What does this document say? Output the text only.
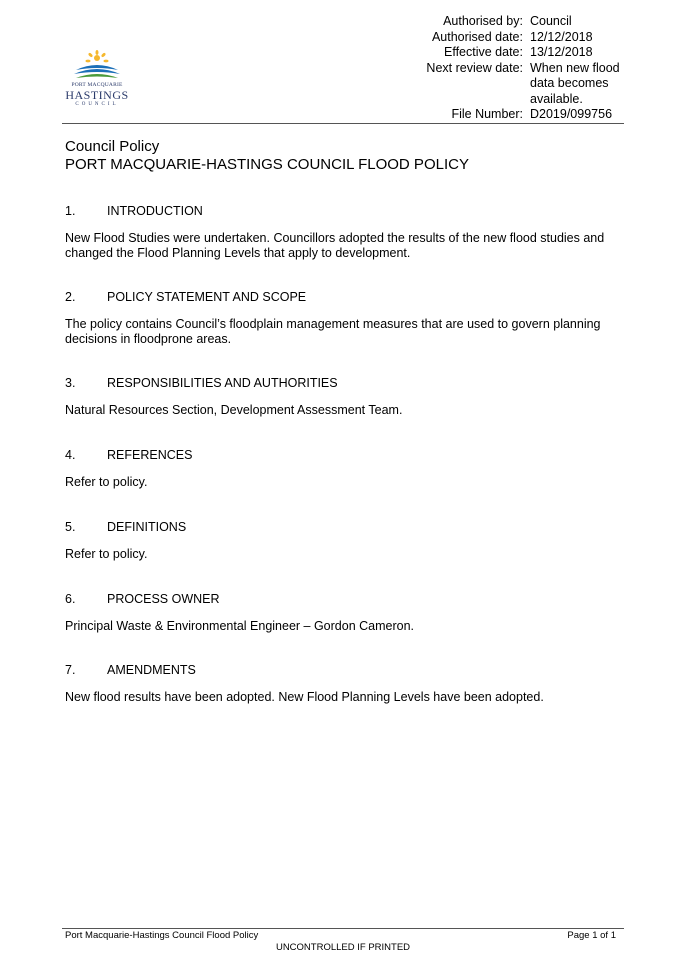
PORT MACQUARIE
HASTINGS
COUNCIL
Authorised by: Council
Authorised date: 12/12/2018
Effective date: 13/12/2018
Next review date: When new flood data becomes available.
File Number: D2019/099756
Council Policy
PORT MACQUARIE-HASTINGS COUNCIL FLOOD POLICY
1.	INTRODUCTION
New Flood Studies were undertaken. Councillors adopted the results of the new flood studies and changed the Flood Planning Levels that apply to development.
2.	POLICY STATEMENT AND SCOPE
The policy contains Council’s floodplain management measures that are used to govern planning decisions in floodprone areas.
3.	RESPONSIBILITIES AND AUTHORITIES
Natural Resources Section, Development Assessment Team.
4.	REFERENCES
Refer to policy.
5.	DEFINITIONS
Refer to policy.
6.	PROCESS OWNER
Principal Waste & Environmental Engineer – Gordon Cameron.
7.	AMENDMENTS
New flood results have been adopted. New Flood Planning Levels have been adopted.
Port Macquarie-Hastings Council Flood Policy	Page 1 of 1
UNCONTROLLED IF PRINTED
